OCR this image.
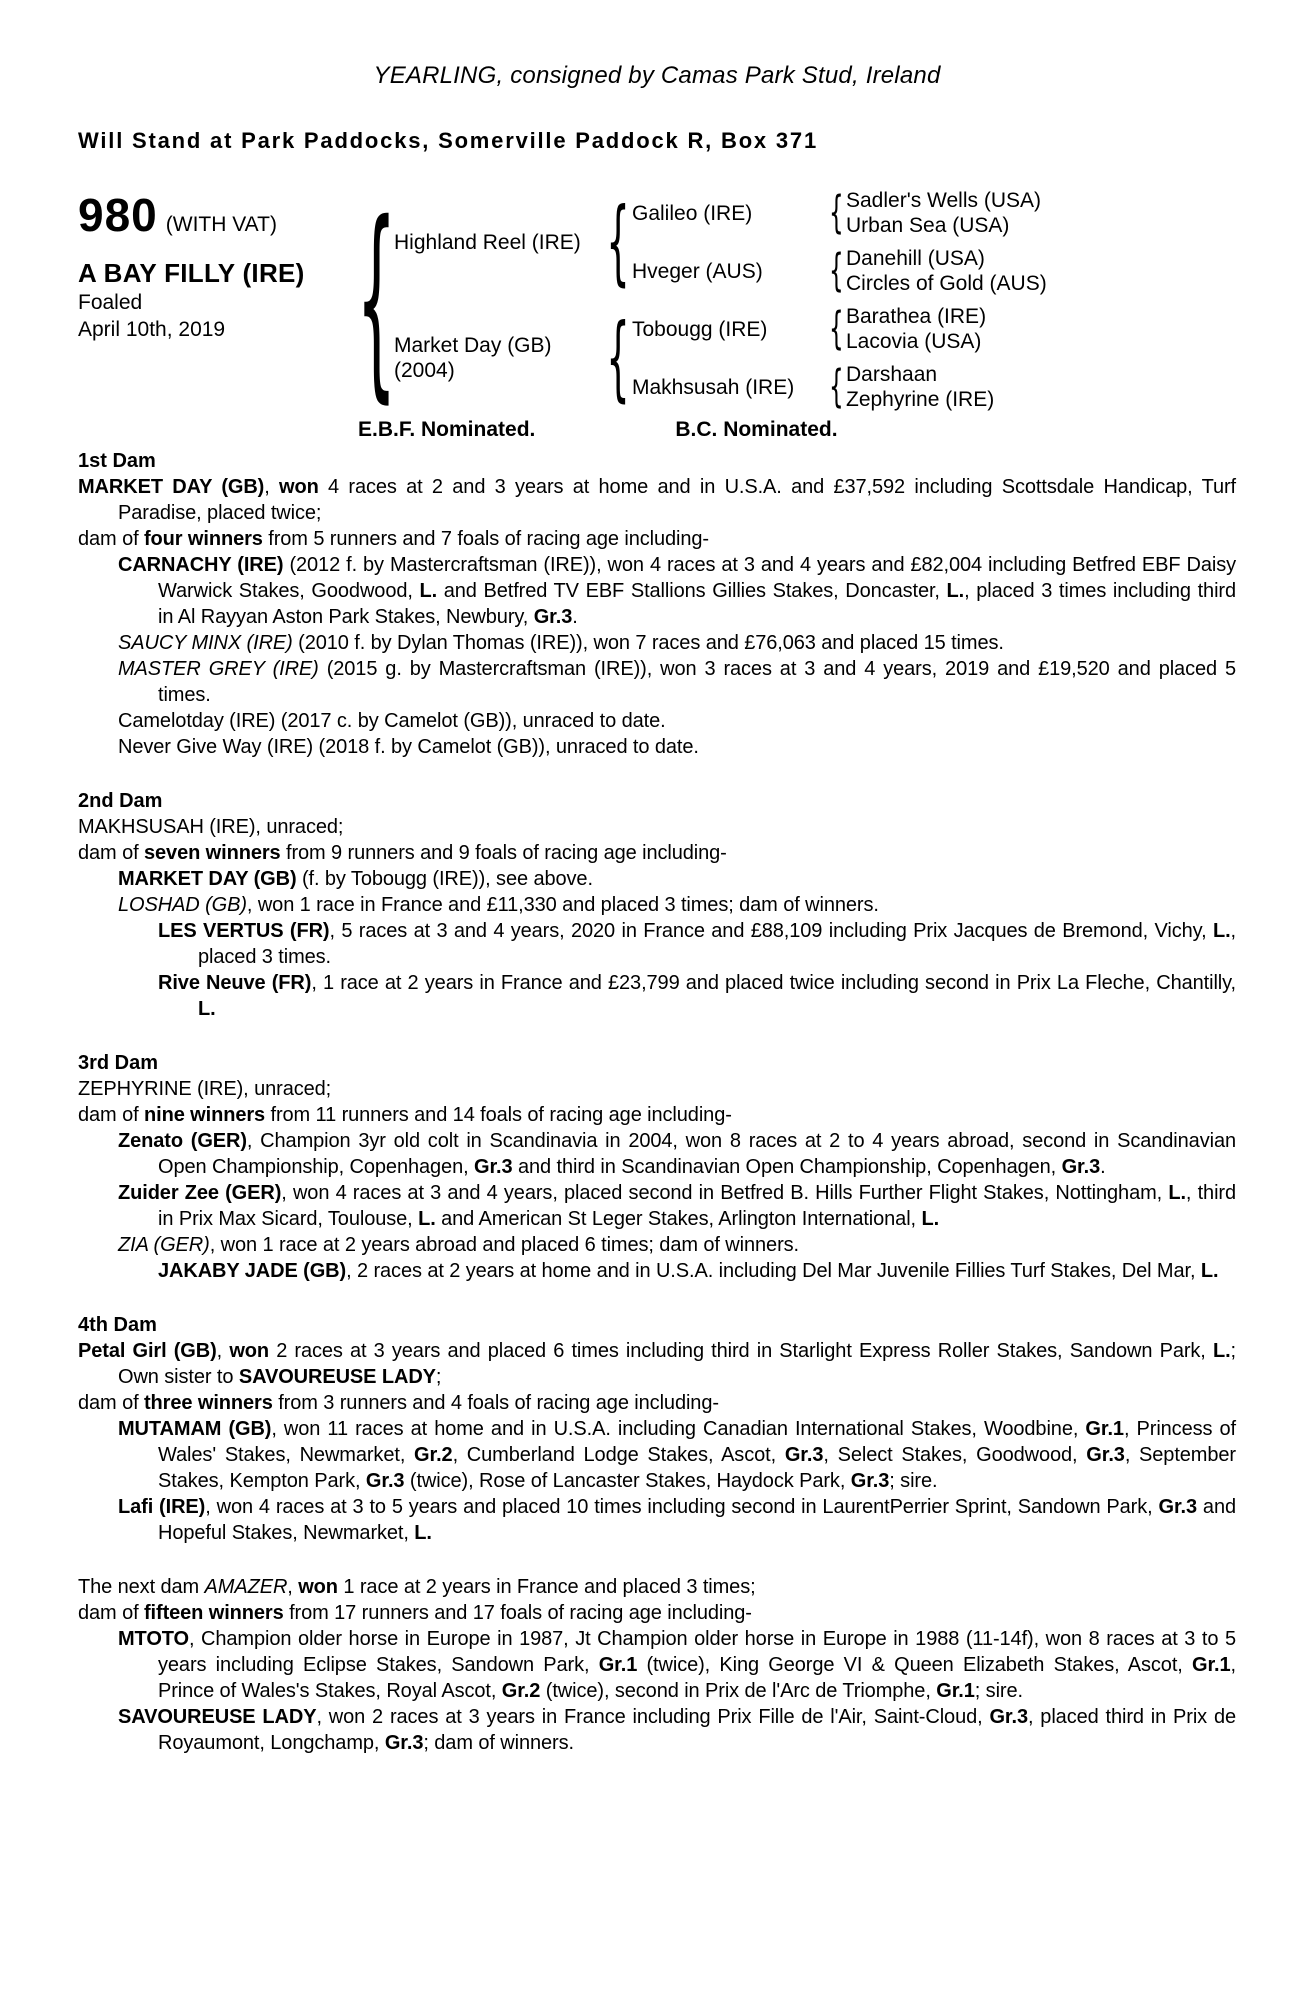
YEARLING, consigned by Camas Park Stud, Ireland
Will Stand at Park Paddocks, Somerville Paddock R, Box 371
980 (WITH VAT)
A BAY FILLY (IRE)
Foaled
April 10th, 2019
{
Highland Reel (IRE)
{
Galileo (IRE)
{
Sadler's Wells (USA)
Urban Sea (USA)
Hveger (AUS)
{
Danehill (USA)
Circles of Gold (AUS)
Market Day (GB)
(2004)
{
Tobougg (IRE)
{
Barathea (IRE)
Lacovia (USA)
Makhsusah (IRE)
{
Darshaan
Zephyrine (IRE)
E.B.F. Nominated.	B.C. Nominated.
1st Dam

MARKET DAY (GB), won 4 races at 2 and 3 years at home and in U.S.A. and £37,592 including Scottsdale Handicap, Turf Paradise, placed twice;

dam of four winners from 5 runners and 7 foals of racing age including-

CARNACHY (IRE) (2012 f. by Mastercraftsman (IRE)), won 4 races at 3 and 4 years and £82,004 including Betfred EBF Daisy Warwick Stakes, Goodwood, L. and Betfred TV EBF Stallions Gillies Stakes, Doncaster, L., placed 3 times including third in Al Rayyan Aston Park Stakes, Newbury, Gr.3.

SAUCY MINX (IRE) (2010 f. by Dylan Thomas (IRE)), won 7 races and £76,063 and placed 15 times.

MASTER GREY (IRE) (2015 g. by Mastercraftsman (IRE)), won 3 races at 3 and 4 years, 2019 and £19,520 and placed 5 times.

Camelotday (IRE) (2017 c. by Camelot (GB)), unraced to date.

Never Give Way (IRE) (2018 f. by Camelot (GB)), unraced to date.

2nd Dam

MAKHSUSAH (IRE), unraced;

dam of seven winners from 9 runners and 9 foals of racing age including-

MARKET DAY (GB) (f. by Tobougg (IRE)), see above.

LOSHAD (GB), won 1 race in France and £11,330 and placed 3 times; dam of winners.

LES VERTUS (FR), 5 races at 3 and 4 years, 2020 in France and £88,109 including Prix Jacques de Bremond, Vichy, L., placed 3 times.

Rive Neuve (FR), 1 race at 2 years in France and £23,799 and placed twice including second in Prix La Fleche, Chantilly, L.

3rd Dam

ZEPHYRINE (IRE), unraced;

dam of nine winners from 11 runners and 14 foals of racing age including-

Zenato (GER), Champion 3yr old colt in Scandinavia in 2004, won 8 races at 2 to 4 years abroad, second in Scandinavian Open Championship, Copenhagen, Gr.3 and third in Scandinavian Open Championship, Copenhagen, Gr.3.

Zuider Zee (GER), won 4 races at 3 and 4 years, placed second in Betfred B. Hills Further Flight Stakes, Nottingham, L., third in Prix Max Sicard, Toulouse, L. and American St Leger Stakes, Arlington International, L.

ZIA (GER), won 1 race at 2 years abroad and placed 6 times; dam of winners.

JAKABY JADE (GB), 2 races at 2 years at home and in U.S.A. including Del Mar Juvenile Fillies Turf Stakes, Del Mar, L.

4th Dam

Petal Girl (GB), won 2 races at 3 years and placed 6 times including third in Starlight Express Roller Stakes, Sandown Park, L.; Own sister to SAVOUREUSE LADY;

dam of three winners from 3 runners and 4 foals of racing age including-

MUTAMAM (GB), won 11 races at home and in U.S.A. including Canadian International Stakes, Woodbine, Gr.1, Princess of Wales' Stakes, Newmarket, Gr.2, Cumberland Lodge Stakes, Ascot, Gr.3, Select Stakes, Goodwood, Gr.3, September Stakes, Kempton Park, Gr.3 (twice), Rose of Lancaster Stakes, Haydock Park, Gr.3; sire.

Lafi (IRE), won 4 races at 3 to 5 years and placed 10 times including second in LaurentPerrier Sprint, Sandown Park, Gr.3 and Hopeful Stakes, Newmarket, L.

The next dam AMAZER, won 1 race at 2 years in France and placed 3 times;

dam of fifteen winners from 17 runners and 17 foals of racing age including-

MTOTO, Champion older horse in Europe in 1987, Jt Champion older horse in Europe in 1988 (11-14f), won 8 races at 3 to 5 years including Eclipse Stakes, Sandown Park, Gr.1 (twice), King George VI & Queen Elizabeth Stakes, Ascot, Gr.1, Prince of Wales's Stakes, Royal Ascot, Gr.2 (twice), second in Prix de l'Arc de Triomphe, Gr.1; sire.

SAVOUREUSE LADY, won 2 races at 3 years in France including Prix Fille de l'Air, Saint-Cloud, Gr.3, placed third in Prix de Royaumont, Longchamp, Gr.3; dam of winners.
